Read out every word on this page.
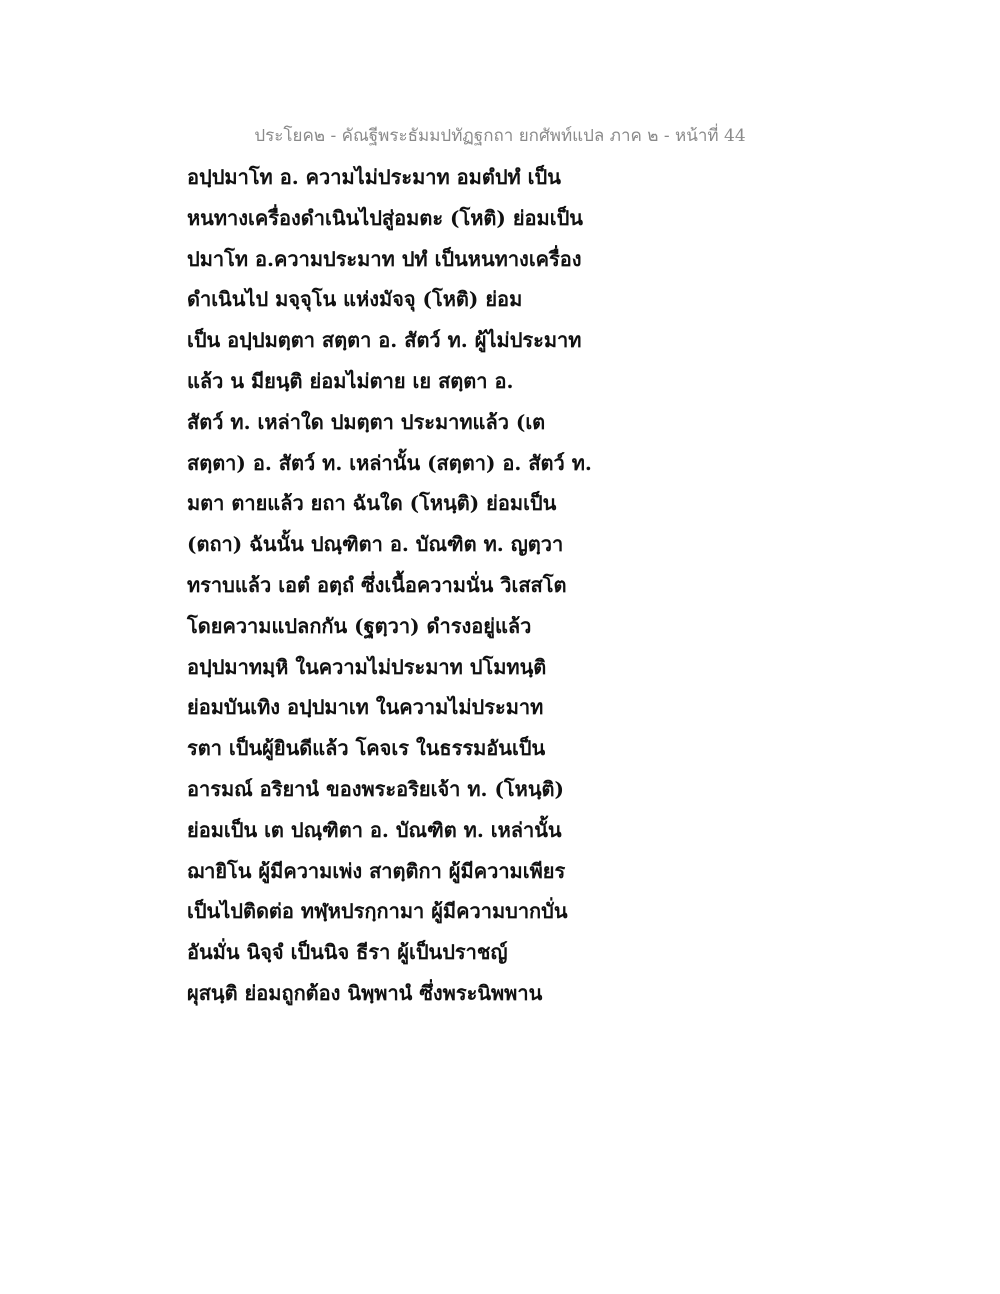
ประโยค๒ - คัณฐีพระธัมมปทัฏฐกถา ยกศัพท์แปล ภาค ๒ - หน้าที่ 44
อปฺปมาโท อ. ความไม่ประมาท อมตํปทํ เป็น
หนทางเครื่องดำเนินไปสู่อมตะ (โหติ) ย่อมเป็น
ปมาโท อ.ความประมาท ปทํ เป็นหนทางเครื่อง
ดำเนินไป มจฺจุโน แห่งมัจจุ (โหติ) ย่อม
เป็น อปฺปมตฺตา สตฺตา อ. สัตว์ ท. ผู้ไม่ประมาท
แล้ว น มียนฺติ ย่อมไม่ตาย เย สตฺตา อ.
สัตว์ ท. เหล่าใด ปมตฺตา ประมาทแล้ว (เต
สตฺตา) อ. สัตว์ ท. เหล่านั้น (สตฺตา) อ. สัตว์ ท.
มตา ตายแล้ว ยถา ฉันใด (โหนฺติ) ย่อมเป็น
(ตถา) ฉันนั้น ปณฺฑิตา อ. บัณฑิต ท. ญตฺวา
ทราบแล้ว เอตํ อตฺถํ ซึ่งเนื้อความนั่น วิเสสโต
โดยความแปลกกัน (ฐตฺวา) ดำรงอยู่แล้ว
อปฺปมาทมฺหิ ในความไม่ประมาท ปโมทนฺติ
ย่อมบันเทิง อปฺปมาเท ในความไม่ประมาท
รตา เป็นผู้ยินดีแล้ว โคจเร ในธรรมอันเป็น
อารมณ์ อริยานํ ของพระอริยเจ้า ท. (โหนฺติ)
ย่อมเป็น เต ปณฺฑิตา อ. บัณฑิต ท. เหล่านั้น
ฌายิโน ผู้มีความเพ่ง สาตฺติกา ผู้มีความเพียร
เป็นไปติดต่อ ทฬฺหปรกฺกามา ผู้มีความบากบั่น
อันมั่น นิจฺจํ เป็นนิจ ธีรา ผู้เป็นปราชญ์
ผุสนฺติ ย่อมถูกต้อง นิพฺพานํ ซึ่งพระนิพพาน
